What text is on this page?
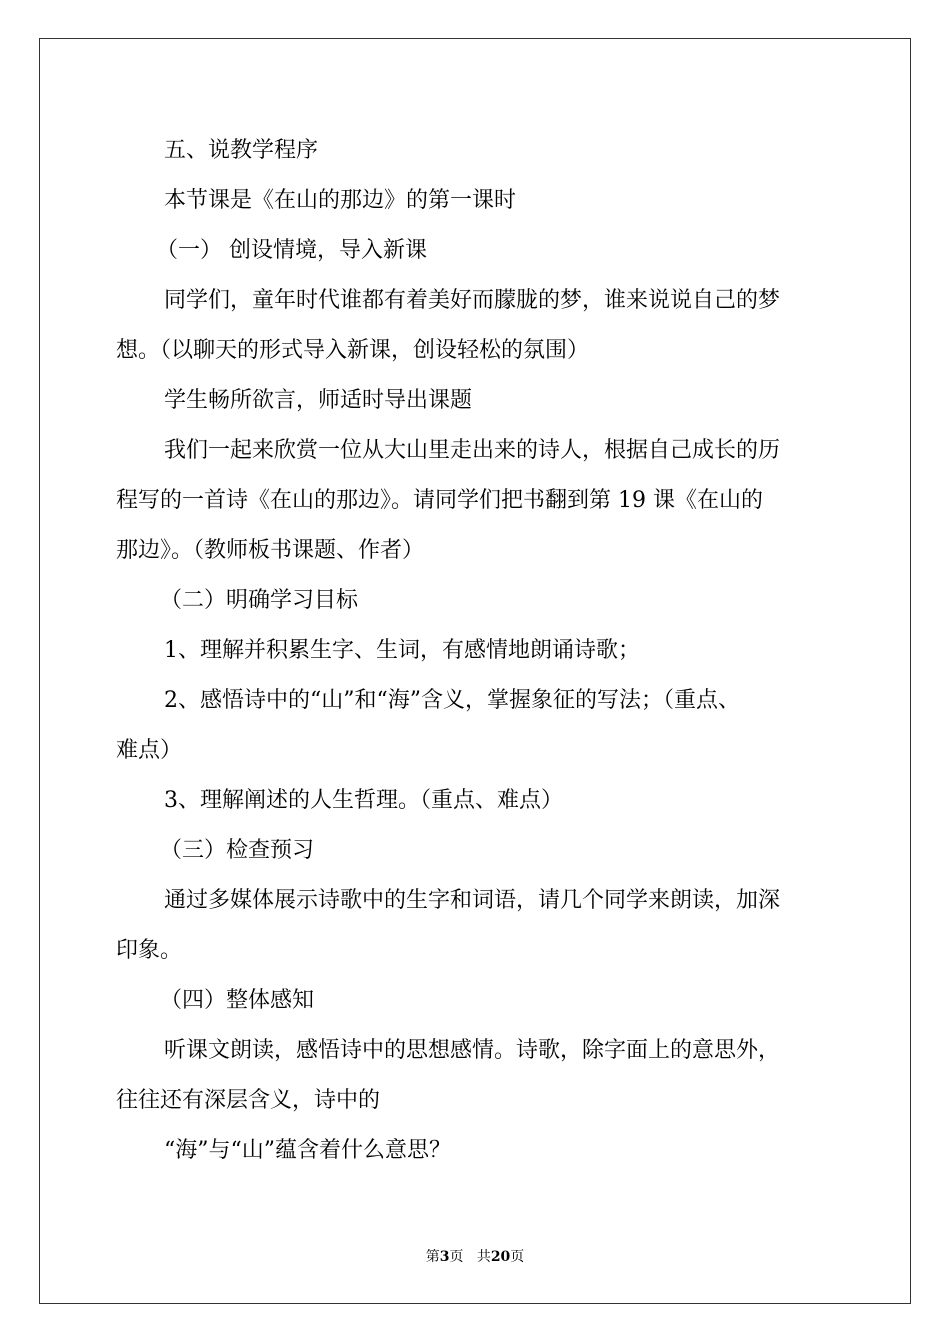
五、说教学程序
本节课是《在山的那边》的第一课时
（一） 创设情境，导入新课
同学们，童年时代谁都有着美好而朦胧的梦，谁来说说自己的梦
想。（以聊天的形式导入新课，创设轻松的氛围）
学生畅所欲言，师适时导出课题
我们一起来欣赏一位从大山里走出来的诗人，根据自己成长的历
程写的一首诗《在山的那边》。请同学们把书翻到第 19 课《在山的
那边》。（教师板书课题、作者）
（二）明确学习目标
1、理解并积累生字、生词，有感情地朗诵诗歌；
2、感悟诗中的“山”和“海”含义，掌握象征的写法；（重点、
难点）
3、理解阐述的人生哲理。（重点、难点）
（三）检查预习
通过多媒体展示诗歌中的生字和词语，请几个同学来朗读，加深
印象。
（四）整体感知
听课文朗读，感悟诗中的思想感情。诗歌，除字面上的意思外，
往往还有深层含义，诗中的
“海”与“山”蕴含着什么意思？
第3页 共20页
